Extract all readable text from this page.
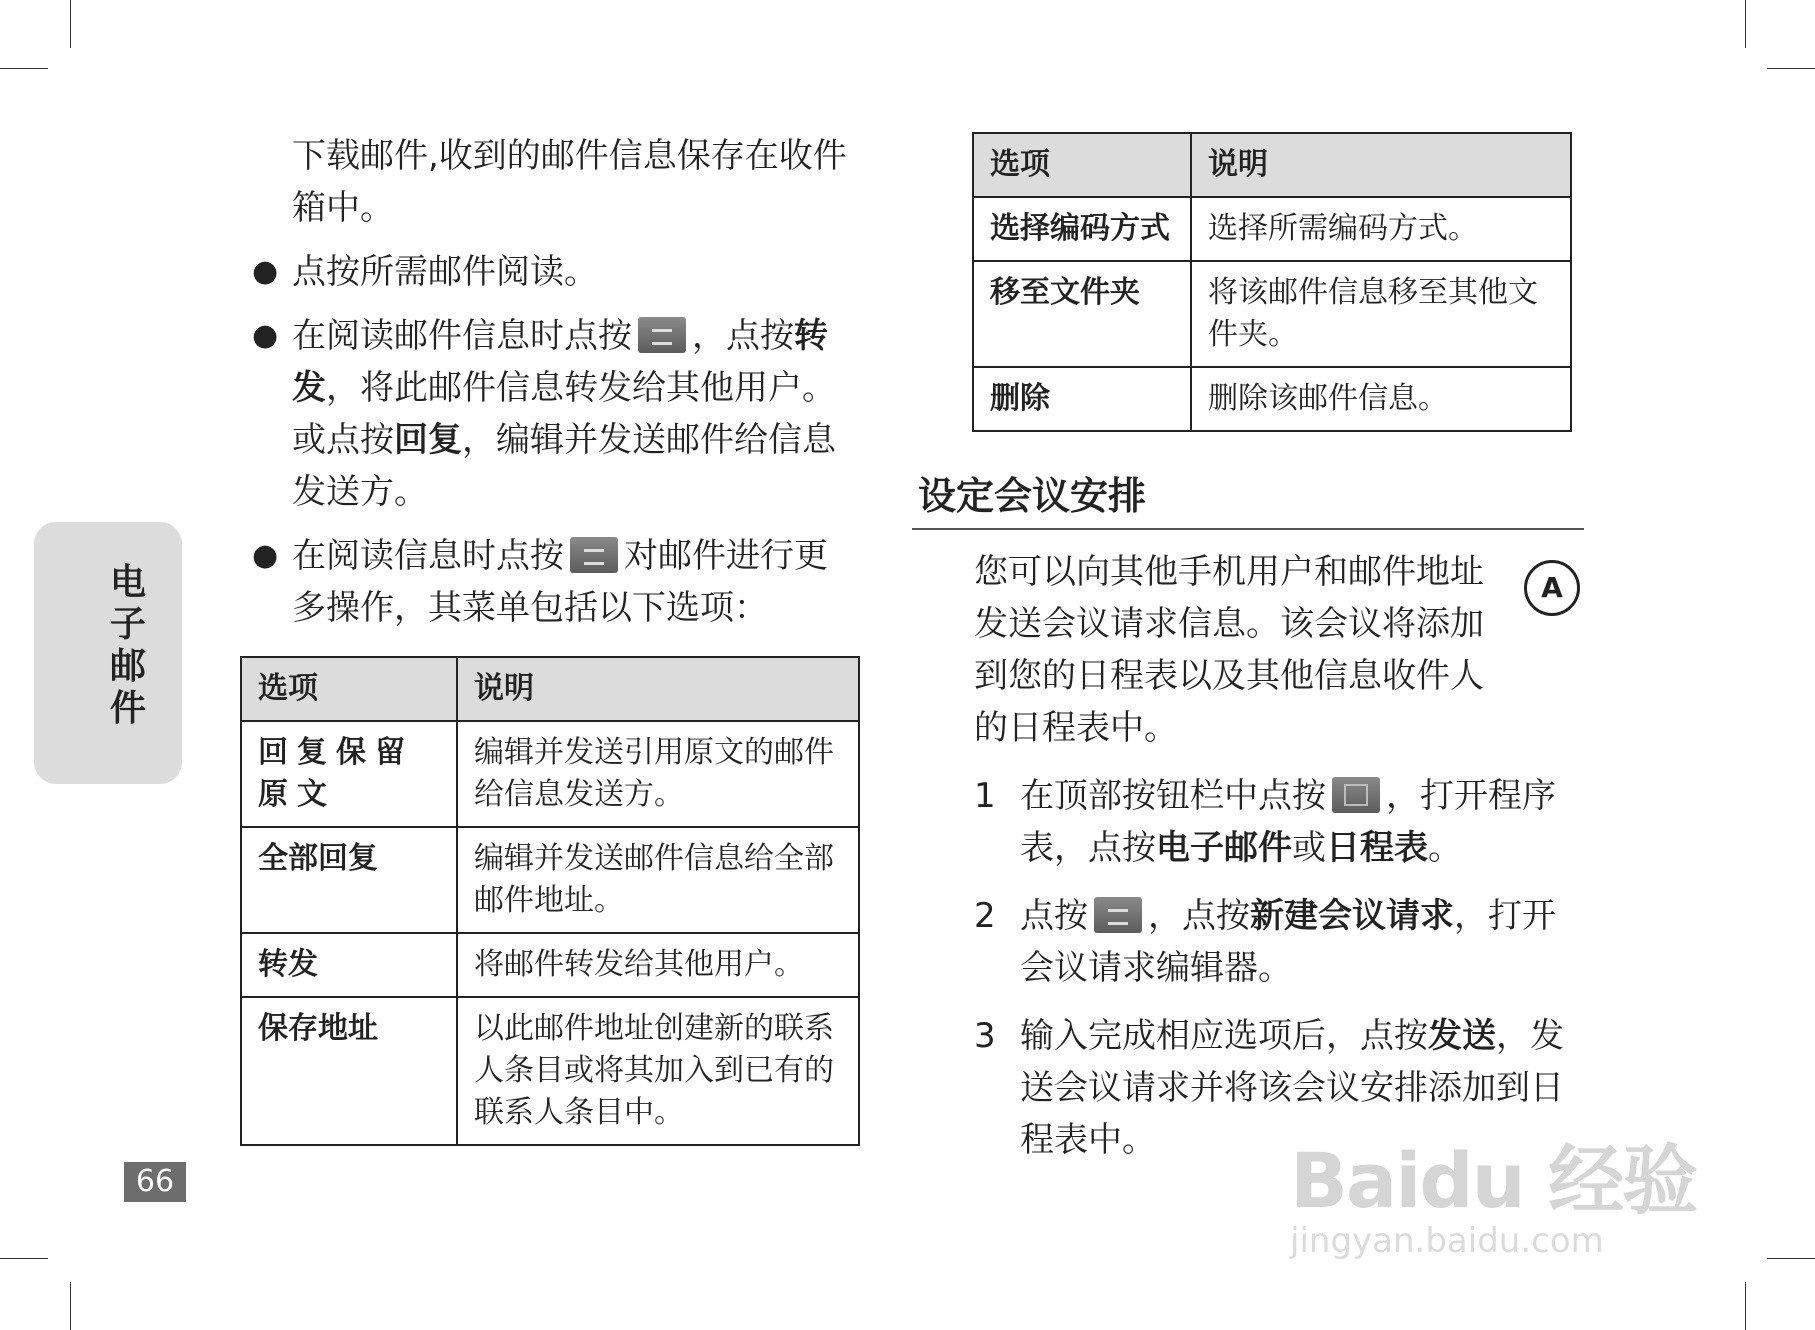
电子邮件
66

下载邮件,收到的邮件信息保存在收件箱中。

● 点按所需邮件阅读。
● 在阅读邮件信息时点按 ，点按转发，将此邮件信息转发给其他用户。或点按回复，编辑并发送邮件给信息发送方。
● 在阅读信息时点按 对邮件进行更多操作，其菜单包括以下选项：
选项	说明
回复保留原文	编辑并发送引用原文的邮件给信息发送方。
全部回复	编辑并发送邮件信息给全部邮件地址。
转发	将邮件转发给其他用户。
保存地址	以此邮件地址创建新的联系人条目或将其加入到已有的联系人条目中。
选项	说明
选择编码方式	选择所需编码方式。
移至文件夹	将该邮件信息移至其他文件夹。
删除	删除该邮件信息。
设定会议安排
A

您可以向其他手机用户和邮件地址发送会议请求信息。该会议将添加到您的日程表以及其他信息收件人的日程表中。

1 在顶部按钮栏中点按 ，打开程序表，点按电子邮件或日程表。
2 点按 ，点按新建会议请求，打开会议请求编辑器。
3 输入完成相应选项后，点按发送，发送会议请求并将该会议安排添加到日程表中。	Baidu 经验
jingyan.baidu.com
